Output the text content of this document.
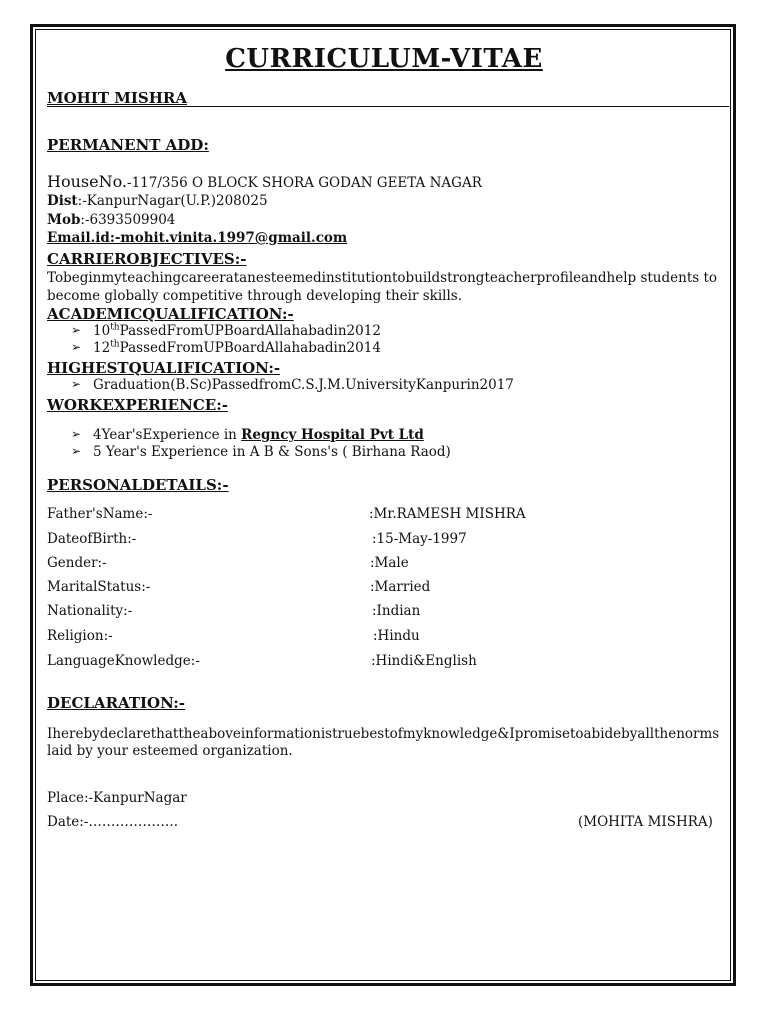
CURRICULUM-VITAE
MOHIT MISHRA
PERMANENT ADD:
HouseNo.-117/356 O BLOCK SHORA GODAN GEETA NAGAR
Dist:-KanpurNagar(U.P.)208025
Mob:-6393509904
Email.id:-mohit.vinita.1997@gmail.com
CARRIEROBJECTIVES:-
Tobeginmyteachingcareeratanesteemedinstitutiontobuildstrongteacherprofileandhelp students to
become globally competitive through developing their skills.
ACADEMICQUALIFICATION:-
➢ 10thPassedFromUPBoardAllahabadin2012
➢ 12thPassedFromUPBoardAllahabadin2014
HIGHESTQUALIFICATION:-
➢ Graduation(B.Sc)PassedfromC.S.J.M.UniversityKanpurin2017
WORKEXPERIENCE:-
➢ 4Year'sExperience in Regncy Hospital Pvt Ltd
➢ 5 Year's Experience in A B & Sons's ( Birhana Raod)
PERSONALDETAILS:-
Father'sName:-	:Mr.RAMESH MISHRA
DateofBirth:-	:15-May-1997
Gender:-	:Male
MaritalStatus:-	:Married
Nationality:-	:Indian
Religion:-	:Hindu
LanguageKnowledge:-	:Hindi&English
DECLARATION:-
Iherebydeclarethattheaboveinformationistruebestofmyknowledge&Ipromisetoabidebyallthenorms
laid by your esteemed organization.
Place:-KanpurNagar
Date:-………………..	(MOHITA MISHRA)
